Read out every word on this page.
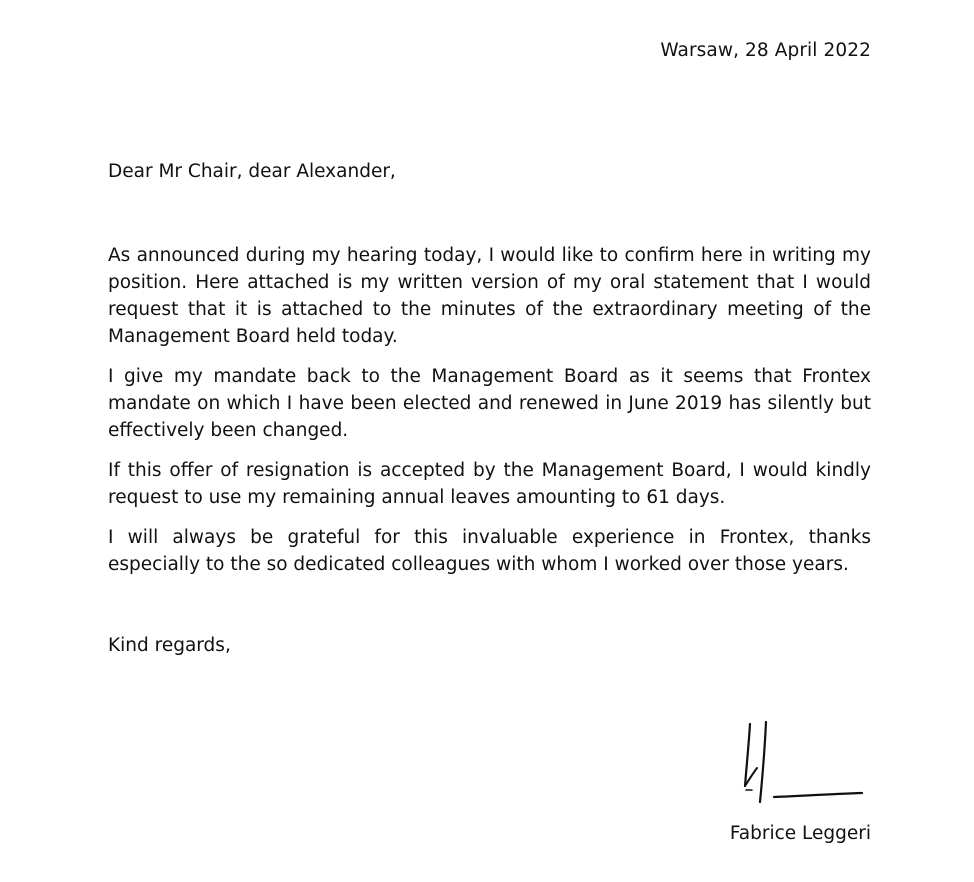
Warsaw, 28 April 2022
Dear Mr Chair, dear Alexander,

As announced during my hearing today, I would like to confirm here in writing my position. Here attached is my written version of my oral statement that I would request that it is attached to the minutes of the extraordinary meeting of the Management Board held today.

I give my mandate back to the Management Board as it seems that Frontex mandate on which I have been elected and renewed in June 2019 has silently but effectively been changed.

If this offer of resignation is accepted by the Management Board, I would kindly request to use my remaining annual leaves amounting to 61 days.

I will always be grateful for this invaluable experience in Frontex, thanks especially to the so dedicated colleagues with whom I worked over those years.

Kind regards,
Fabrice Leggeri
